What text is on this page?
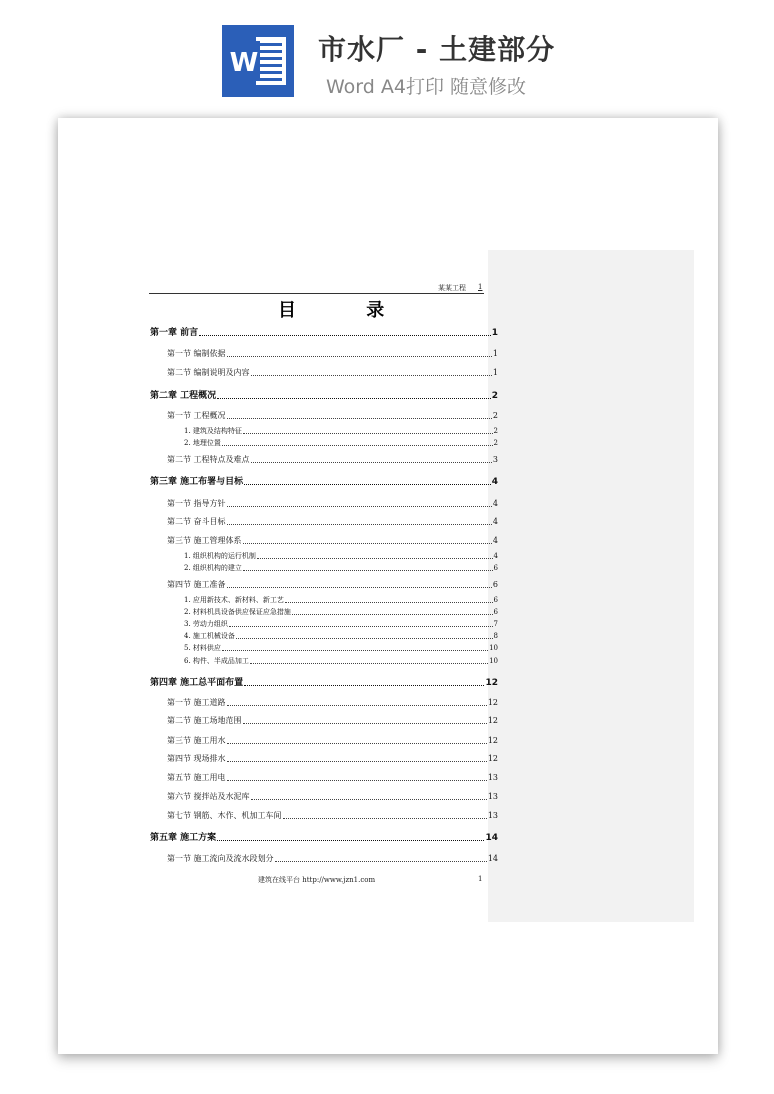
W 市水厂 - 土建部分
Word A4打印 随意修改
某某工程 1
目 录
第一章 前言	1
第一节 编制依据	1
第二节 编制说明及内容	1
第二章 工程概况	2
第一节 工程概况	2
1. 建筑及结构特征	2
2. 地理位置	2
第二节 工程特点及难点	3
第三章 施工布署与目标	4
第一节 指导方针	4
第二节 奋斗目标	4
第三节 施工管理体系	4
1. 组织机构的运行机制	4
2. 组织机构的建立	6
第四节 施工准备	6
1. 应用新技术、新材料、新工艺	6
2. 材料机具设备供应保证应急措施	6
3. 劳动力组织	7
4. 施工机械设备	8
5. 材料供应	10
6. 构件、半成品加工	10
第四章 施工总平面布置	12
第一节 施工道路	12
第二节 施工场地范围	12
第三节 施工用水	12
第四节 现场排水	12
第五节 施工用电	13
第六节 搅拌站及水泥库	13
第七节 钢筋、木作、机加工车间	13
第五章 施工方案	14
第一节 施工流向及流水段划分	14
建筑在线平台 http://www.jzn1.com	1
